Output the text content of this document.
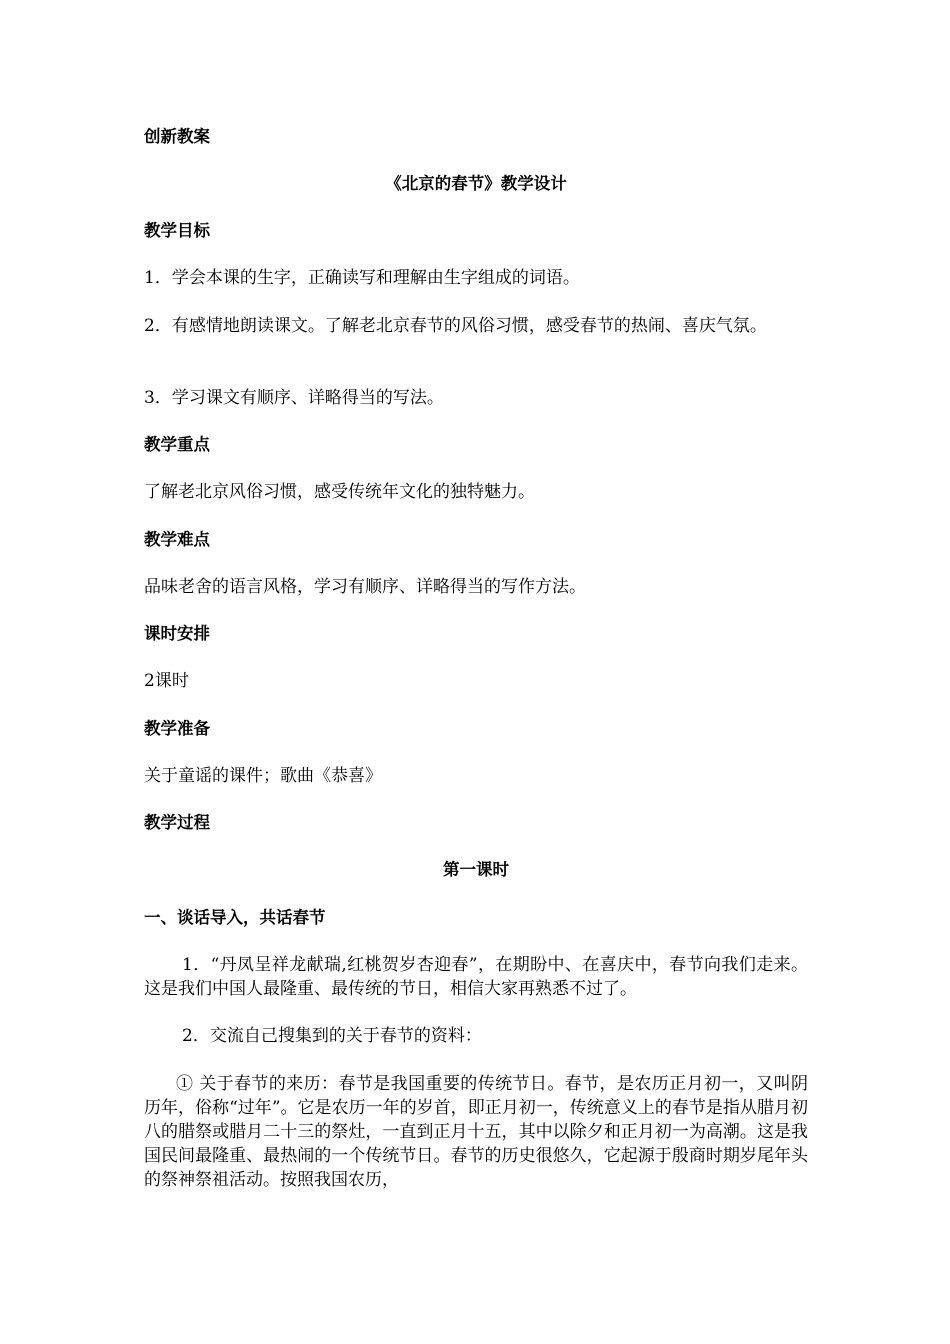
创新教案
《北京的春节》教学设计
教学目标
1．学会本课的生字，正确读写和理解由生字组成的词语。
2．有感情地朗读课文。了解老北京春节的风俗习惯，感受春节的热闹、喜庆气氛。
3．学习课文有顺序、详略得当的写法。
教学重点
了解老北京风俗习惯，感受传统年文化的独特魅力。
教学难点
品味老舍的语言风格，学习有顺序、详略得当的写作方法。
课时安排
2课时
教学准备
关于童谣的课件；歌曲《恭喜》
教学过程
第一课时
一、谈话导入，共话春节
1．“丹凤呈祥龙献瑞,红桃贺岁杏迎春”，在期盼中、在喜庆中，春节向我们走来。这是我们中国人最隆重、最传统的节日，相信大家再熟悉不过了。
2．交流自己搜集到的关于春节的资料：
① 关于春节的来历：春节是我国重要的传统节日。春节，是农历正月初一，又叫阴历年，俗称“过年”。它是农历一年的岁首，即正月初一，传统意义上的春节是指从腊月初八的腊祭或腊月二十三的祭灶，一直到正月十五，其中以除夕和正月初一为高潮。这是我国民间最隆重、最热闹的一个传统节日。春节的历史很悠久，它起源于殷商时期岁尾年头的祭神祭祖活动。按照我国农历，
